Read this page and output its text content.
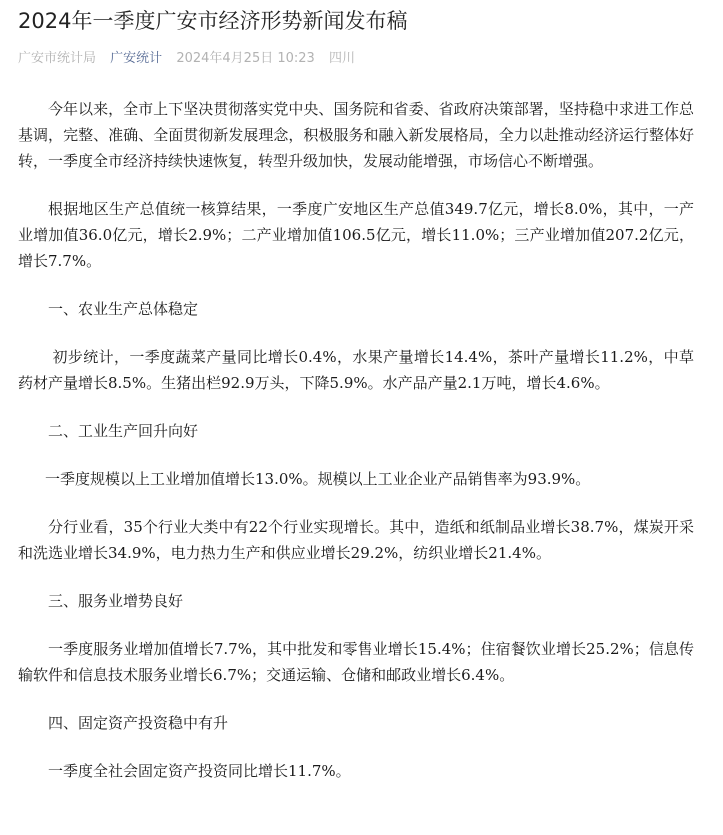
2024年一季度广安市经济形势新闻发布稿
广安市统计局 广安统计 2024年4月25日 10:23 四川

今年以来，全市上下坚决贯彻落实党中央、国务院和省委、省政府决策部署，坚持稳中求进工作总基调，完整、准确、全面贯彻新发展理念，积极服务和融入新发展格局，全力以赴推动经济运行整体好转，一季度全市经济持续快速恢复，转型升级加快，发展动能增强，市场信心不断增强。

根据地区生产总值统一核算结果，一季度广安地区生产总值349.7亿元，增长8.0%，其中，一产业增加值36.0亿元，增长2.9%；二产业增加值106.5亿元，增长11.0%；三产业增加值207.2亿元，增长7.7%。

一、农业生产总体稳定

初步统计，一季度蔬菜产量同比增长0.4%，水果产量增长14.4%，茶叶产量增长11.2%，中草药材产量增长8.5%。生猪出栏92.9万头，下降5.9%。水产品产量2.1万吨，增长4.6%。

二、工业生产回升向好

一季度规模以上工业增加值增长13.0%。规模以上工业企业产品销售率为93.9%。

分行业看，35个行业大类中有22个行业实现增长。其中，造纸和纸制品业增长38.7%，煤炭开采和洗选业增长34.9%，电力热力生产和供应业增长29.2%，纺织业增长21.4%。

三、服务业增势良好

一季度服务业增加值增长7.7%，其中批发和零售业增长15.4%；住宿餐饮业增长25.2%；信息传输软件和信息技术服务业增长6.7%；交通运输、仓储和邮政业增长6.4%。

四、固定资产投资稳中有升

一季度全社会固定资产投资同比增长11.7%。
